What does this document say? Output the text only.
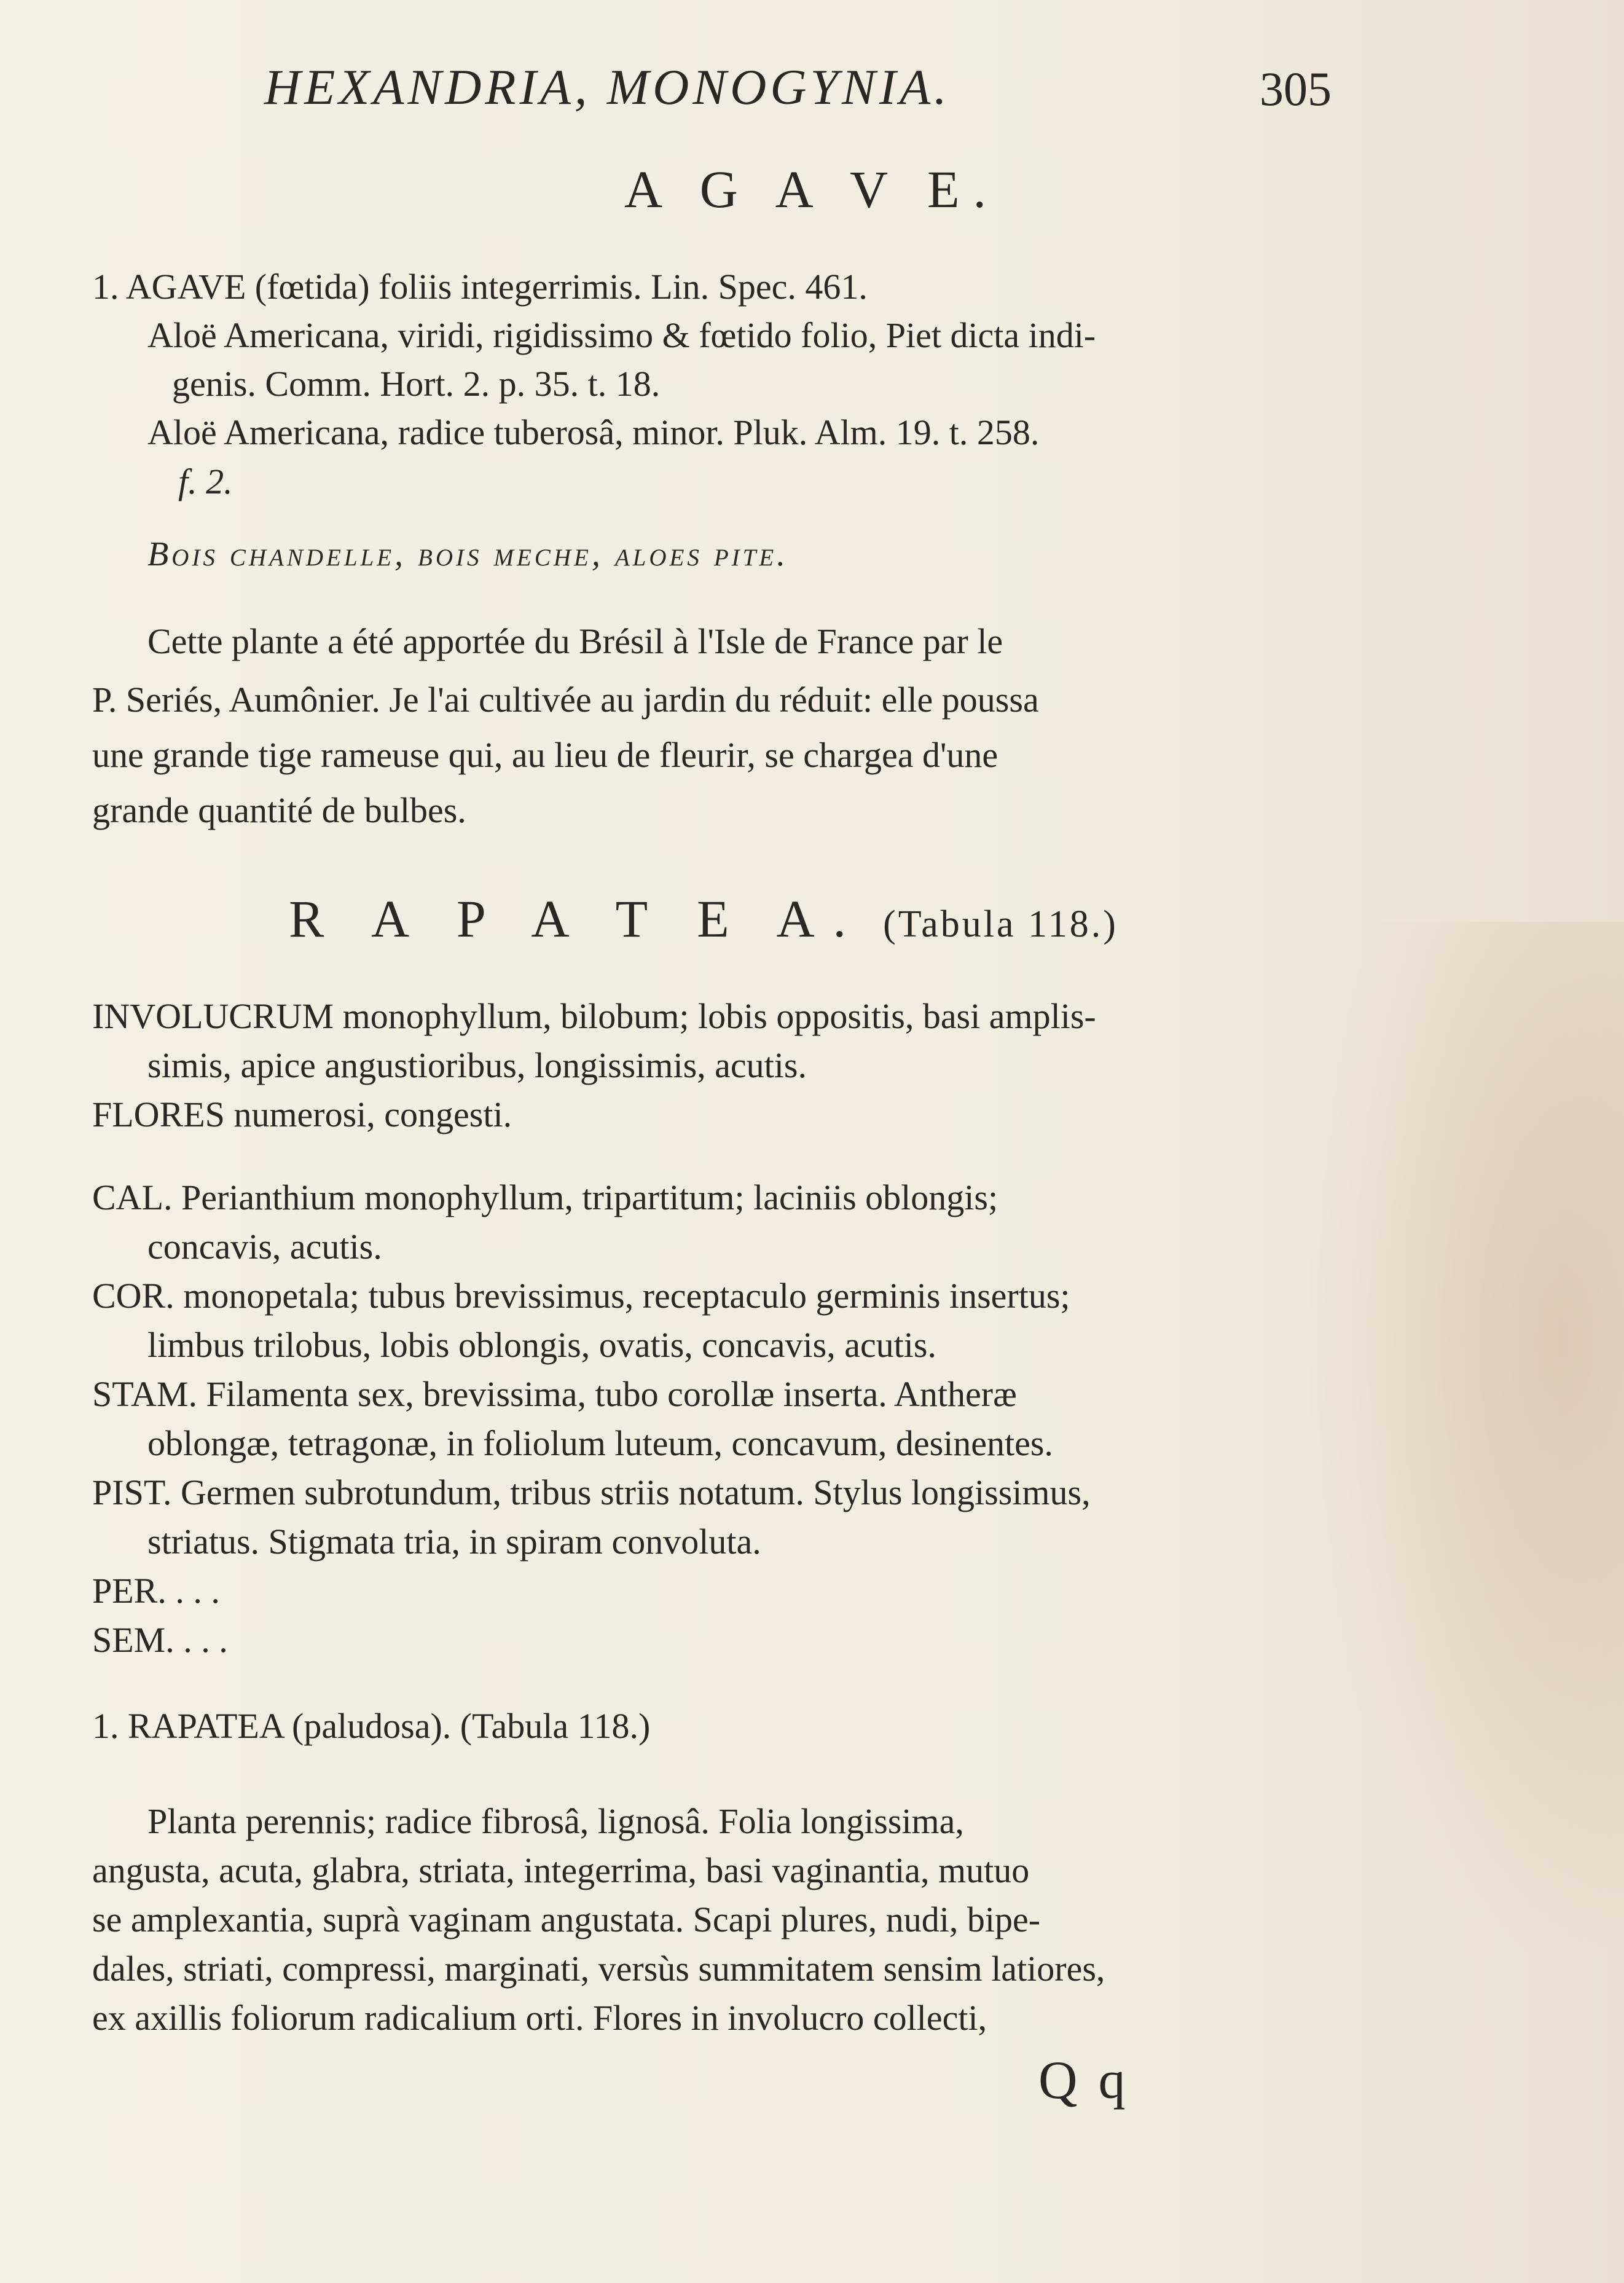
HEXANDRIA, MONOGYNIA.	305
A G A V E.
1. AGAVE (fœtida) foliis integerrimis. Lin. Spec. 461.
Aloë Americana, viridi, rigidissimo & fœtido folio, Piet dicta indi-
genis. Comm. Hort. 2. p. 35. t. 18.
Aloë Americana, radice tuberosâ, minor. Pluk. Alm. 19. t. 258.
f. 2.
Bois chandelle, bois meche, aloes pite.
Cette plante a été apportée du Brésil à l'Isle de France par le
P. Seriés, Aumônier. Je l'ai cultivée au jardin du réduit: elle poussa
une grande tige rameuse qui, au lieu de fleurir, se chargea d'une
grande quantité de bulbes.
R A P A T E A. (Tabula 118.)
INVOLUCRUM monophyllum, bilobum; lobis oppositis, basi amplis-
simis, apice angustioribus, longissimis, acutis.
FLORES numerosi, congesti.
CAL. Perianthium monophyllum, tripartitum; laciniis oblongis;
concavis, acutis.
COR. monopetala; tubus brevissimus, receptaculo germinis insertus;
limbus trilobus, lobis oblongis, ovatis, concavis, acutis.
STAM. Filamenta sex, brevissima, tubo corollæ inserta. Antheræ
oblongæ, tetragonæ, in foliolum luteum, concavum, desinentes.
PIST. Germen subrotundum, tribus striis notatum. Stylus longissimus,
striatus. Stigmata tria, in spiram convoluta.
PER. . . .
SEM. . . .
1. RAPATEA (paludosa). (Tabula 118.)
Planta perennis; radice fibrosâ, lignosâ. Folia longissima,
angusta, acuta, glabra, striata, integerrima, basi vaginantia, mutuo
se amplexantia, suprà vaginam angustata. Scapi plures, nudi, bipe-
dales, striati, compressi, marginati, versùs summitatem sensim latiores,
ex axillis foliorum radicalium orti. Flores in involucro collecti,
Q q
